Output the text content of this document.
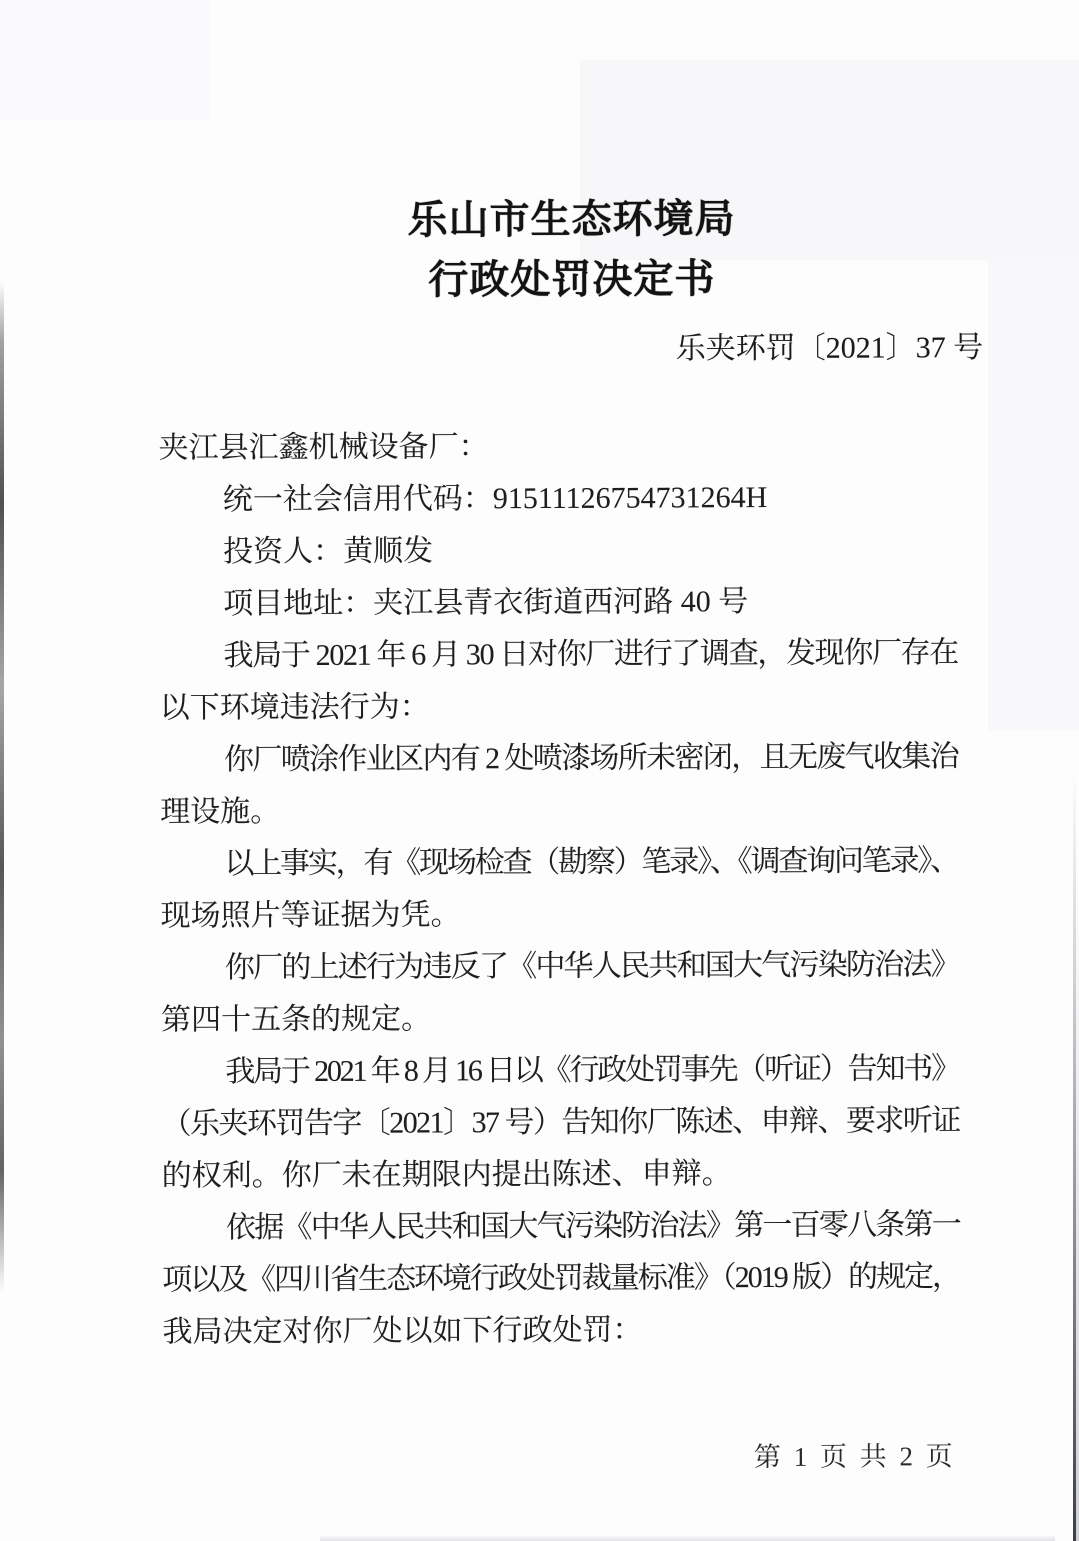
乐山市生态环境局
行政处罚决定书
乐夹环罚〔2021〕37 号
夹江县汇鑫机械设备厂：
统一社会信用代码：91511126754731264H
投资人：黄顺发
项目地址：夹江县青衣街道西河路 40 号
我局于 2021 年 6 月 30 日对你厂进行了调查，发现你厂存在
以下环境违法行为：
你厂喷涂作业区内有 2 处喷漆场所未密闭，且无废气收集治
理设施。
以上事实，有《现场检查（勘察）笔录》、《调查询问笔录》、
现场照片等证据为凭。
你厂的上述行为违反了《中华人民共和国大气污染防治法》
第四十五条的规定。
我局于 2021 年 8 月 16 日以《行政处罚事先（听证）告知书》
（乐夹环罚告字〔2021〕37 号）告知你厂陈述、申辩、要求听证
的权利。你厂未在期限内提出陈述、申辩。
依据《中华人民共和国大气污染防治法》第一百零八条第一
项以及《四川省生态环境行政处罚裁量标准》（2019 版）的规定，
我局决定对你厂处以如下行政处罚：
第 1 页 共 2 页
